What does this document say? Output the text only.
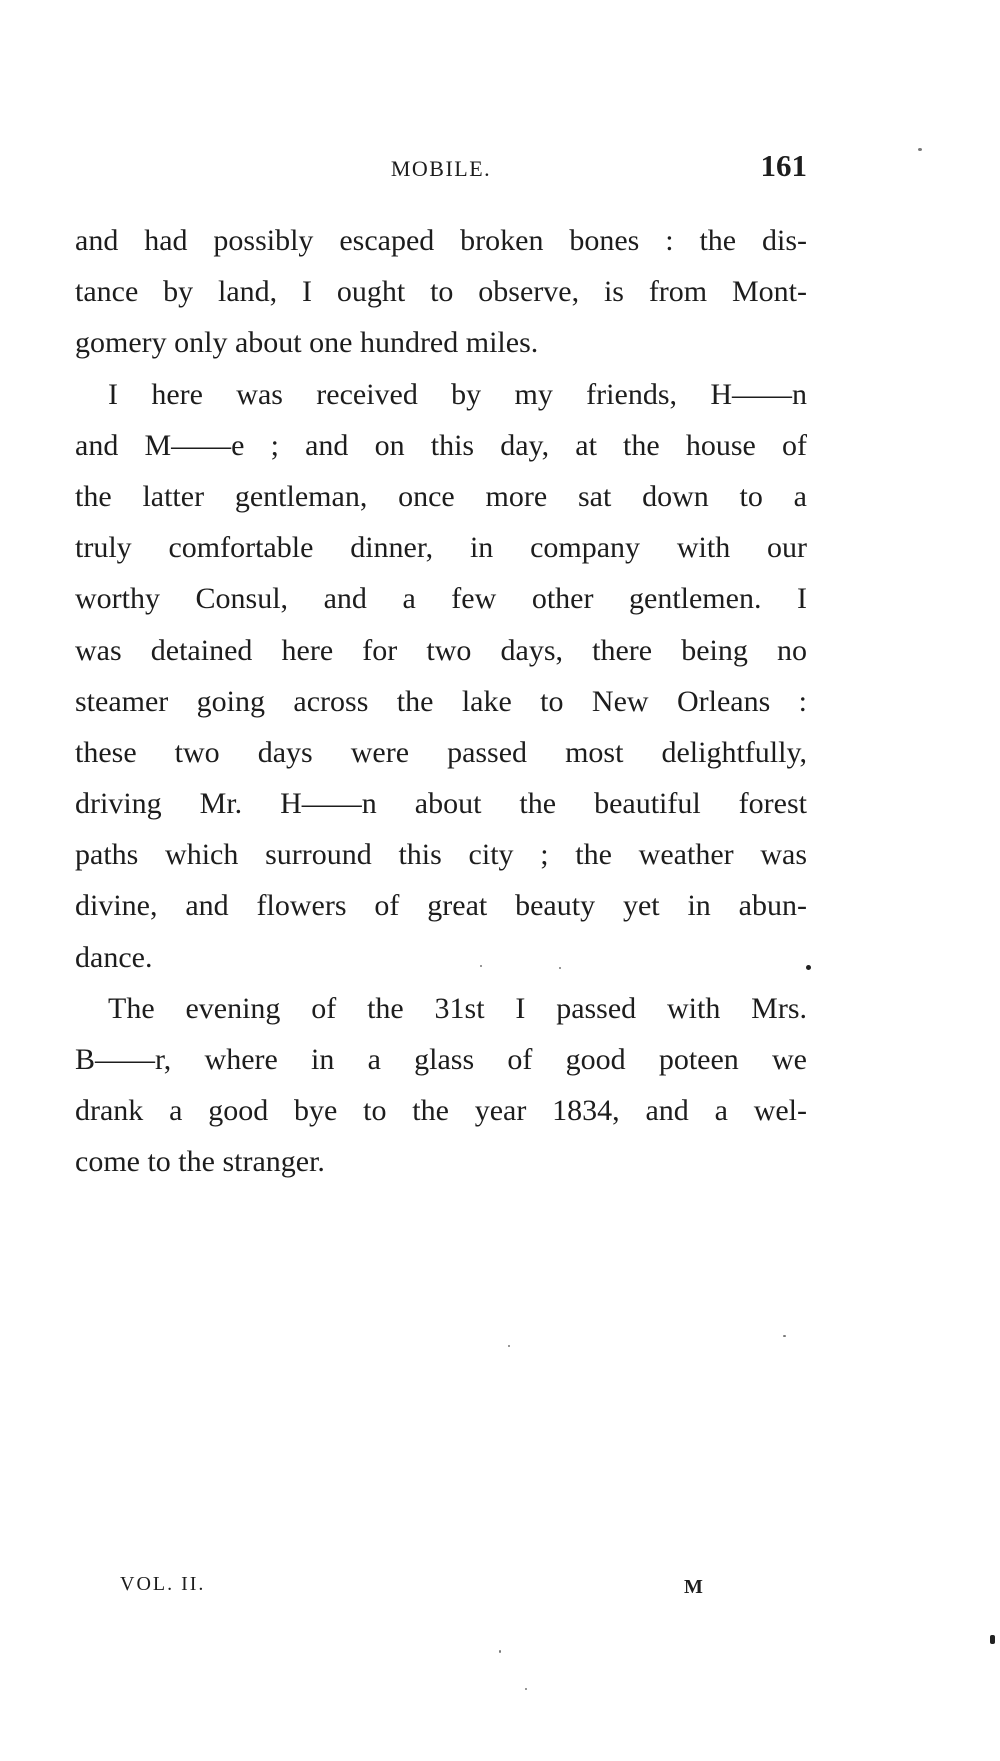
MOBILE.	161
and had possibly escaped broken bones : the dis-
tance by land, I ought to observe, is from Mont-
gomery only about one hundred miles.
I here was received by my friends, H——n
and M——e ; and on this day, at the house of
the latter gentleman, once more sat down to a
truly comfortable dinner, in company with our
worthy Consul, and a few other gentlemen. I
was detained here for two days, there being no
steamer going across the lake to New Orleans :
these two days were passed most delightfully,
driving Mr. H——n about the beautiful forest
paths which surround this city ; the weather was
divine, and flowers of great beauty yet in abun-
dance.
The evening of the 31st I passed with Mrs.
B——r, where in a glass of good poteen we
drank a good bye to the year 1834, and a wel-
come to the stranger.
VOL. II.	M
